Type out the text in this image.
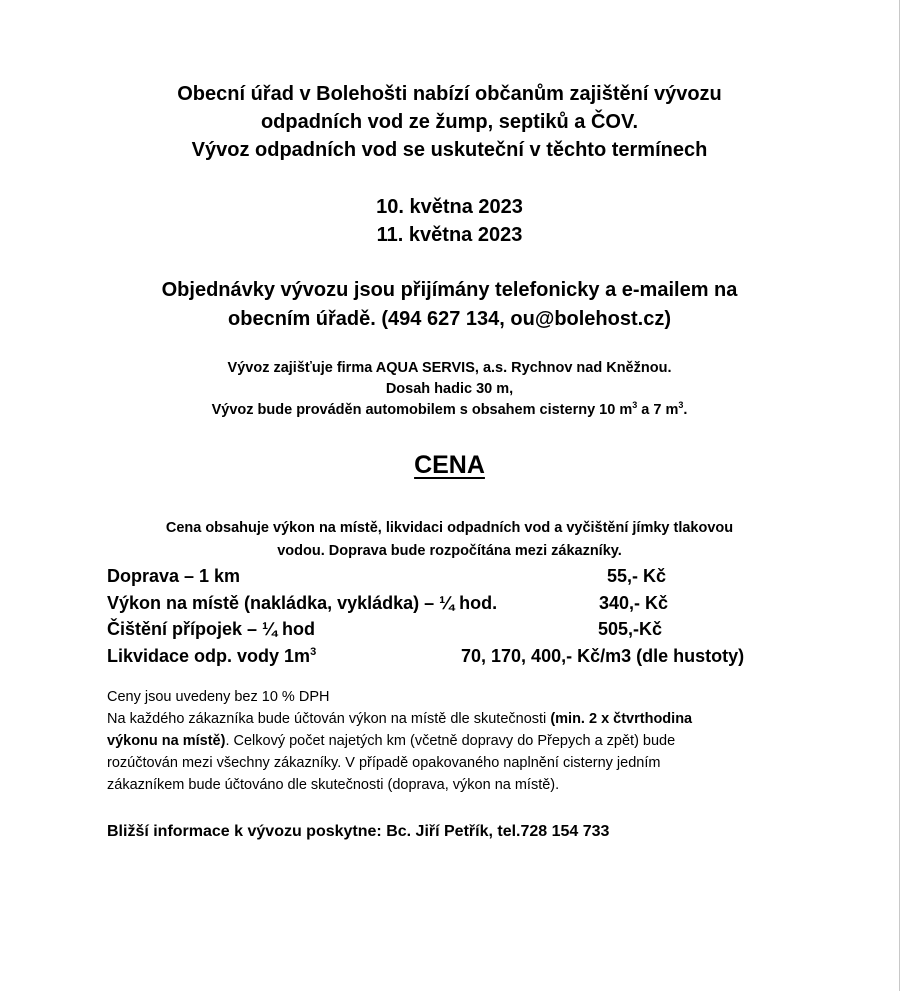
Obecní úřad v Bolehošti nabízí občanům zajištění vývozu
odpadních vod ze žump, septiků a ČOV.
Vývoz odpadních vod se uskuteční v těchto termínech
10. května 2023
11. května 2023
Objednávky vývozu jsou přijímány telefonicky a e-mailem na
obecním úřadě. (494 627 134, ou@bolehost.cz)
Vývoz zajišťuje firma AQUA SERVIS, a.s. Rychnov nad Kněžnou.
Dosah hadic 30 m,
Vývoz bude prováděn automobilem s obsahem cisterny 10 $m^3$ a 7 $m^3$.
CENA
Cena obsahuje výkon na místě, likvidaci odpadních vod a vyčištění jímky tlakovou
vodou. Doprava bude rozpočítána mezi zákazníky.
Doprava – 1 km	55,- Kč
Výkon na místě (nakládka, vykládka) – ¼ hod.	340,- Kč
Čištění přípojek – ¼ hod	505,-Kč
Likvidace odp. vody $1m^3$	70, 170, 400,- Kč/m3 (dle hustoty)
Ceny jsou uvedeny bez 10 % DPH
Na každého zákazníka bude účtován výkon na místě dle skutečnosti (min. 2 x čtvrthodina
výkonu na místě). Celkový počet najetých km (včetně dopravy do Přepych a zpět) bude
rozúčtován mezi všechny zákazníky. V případě opakovaného naplnění cisterny jedním
zákazníkem bude účtováno dle skutečnosti (doprava, výkon na místě).
Bližší informace k vývozu poskytne: Bc. Jiří Petřík, tel.728 154 733
